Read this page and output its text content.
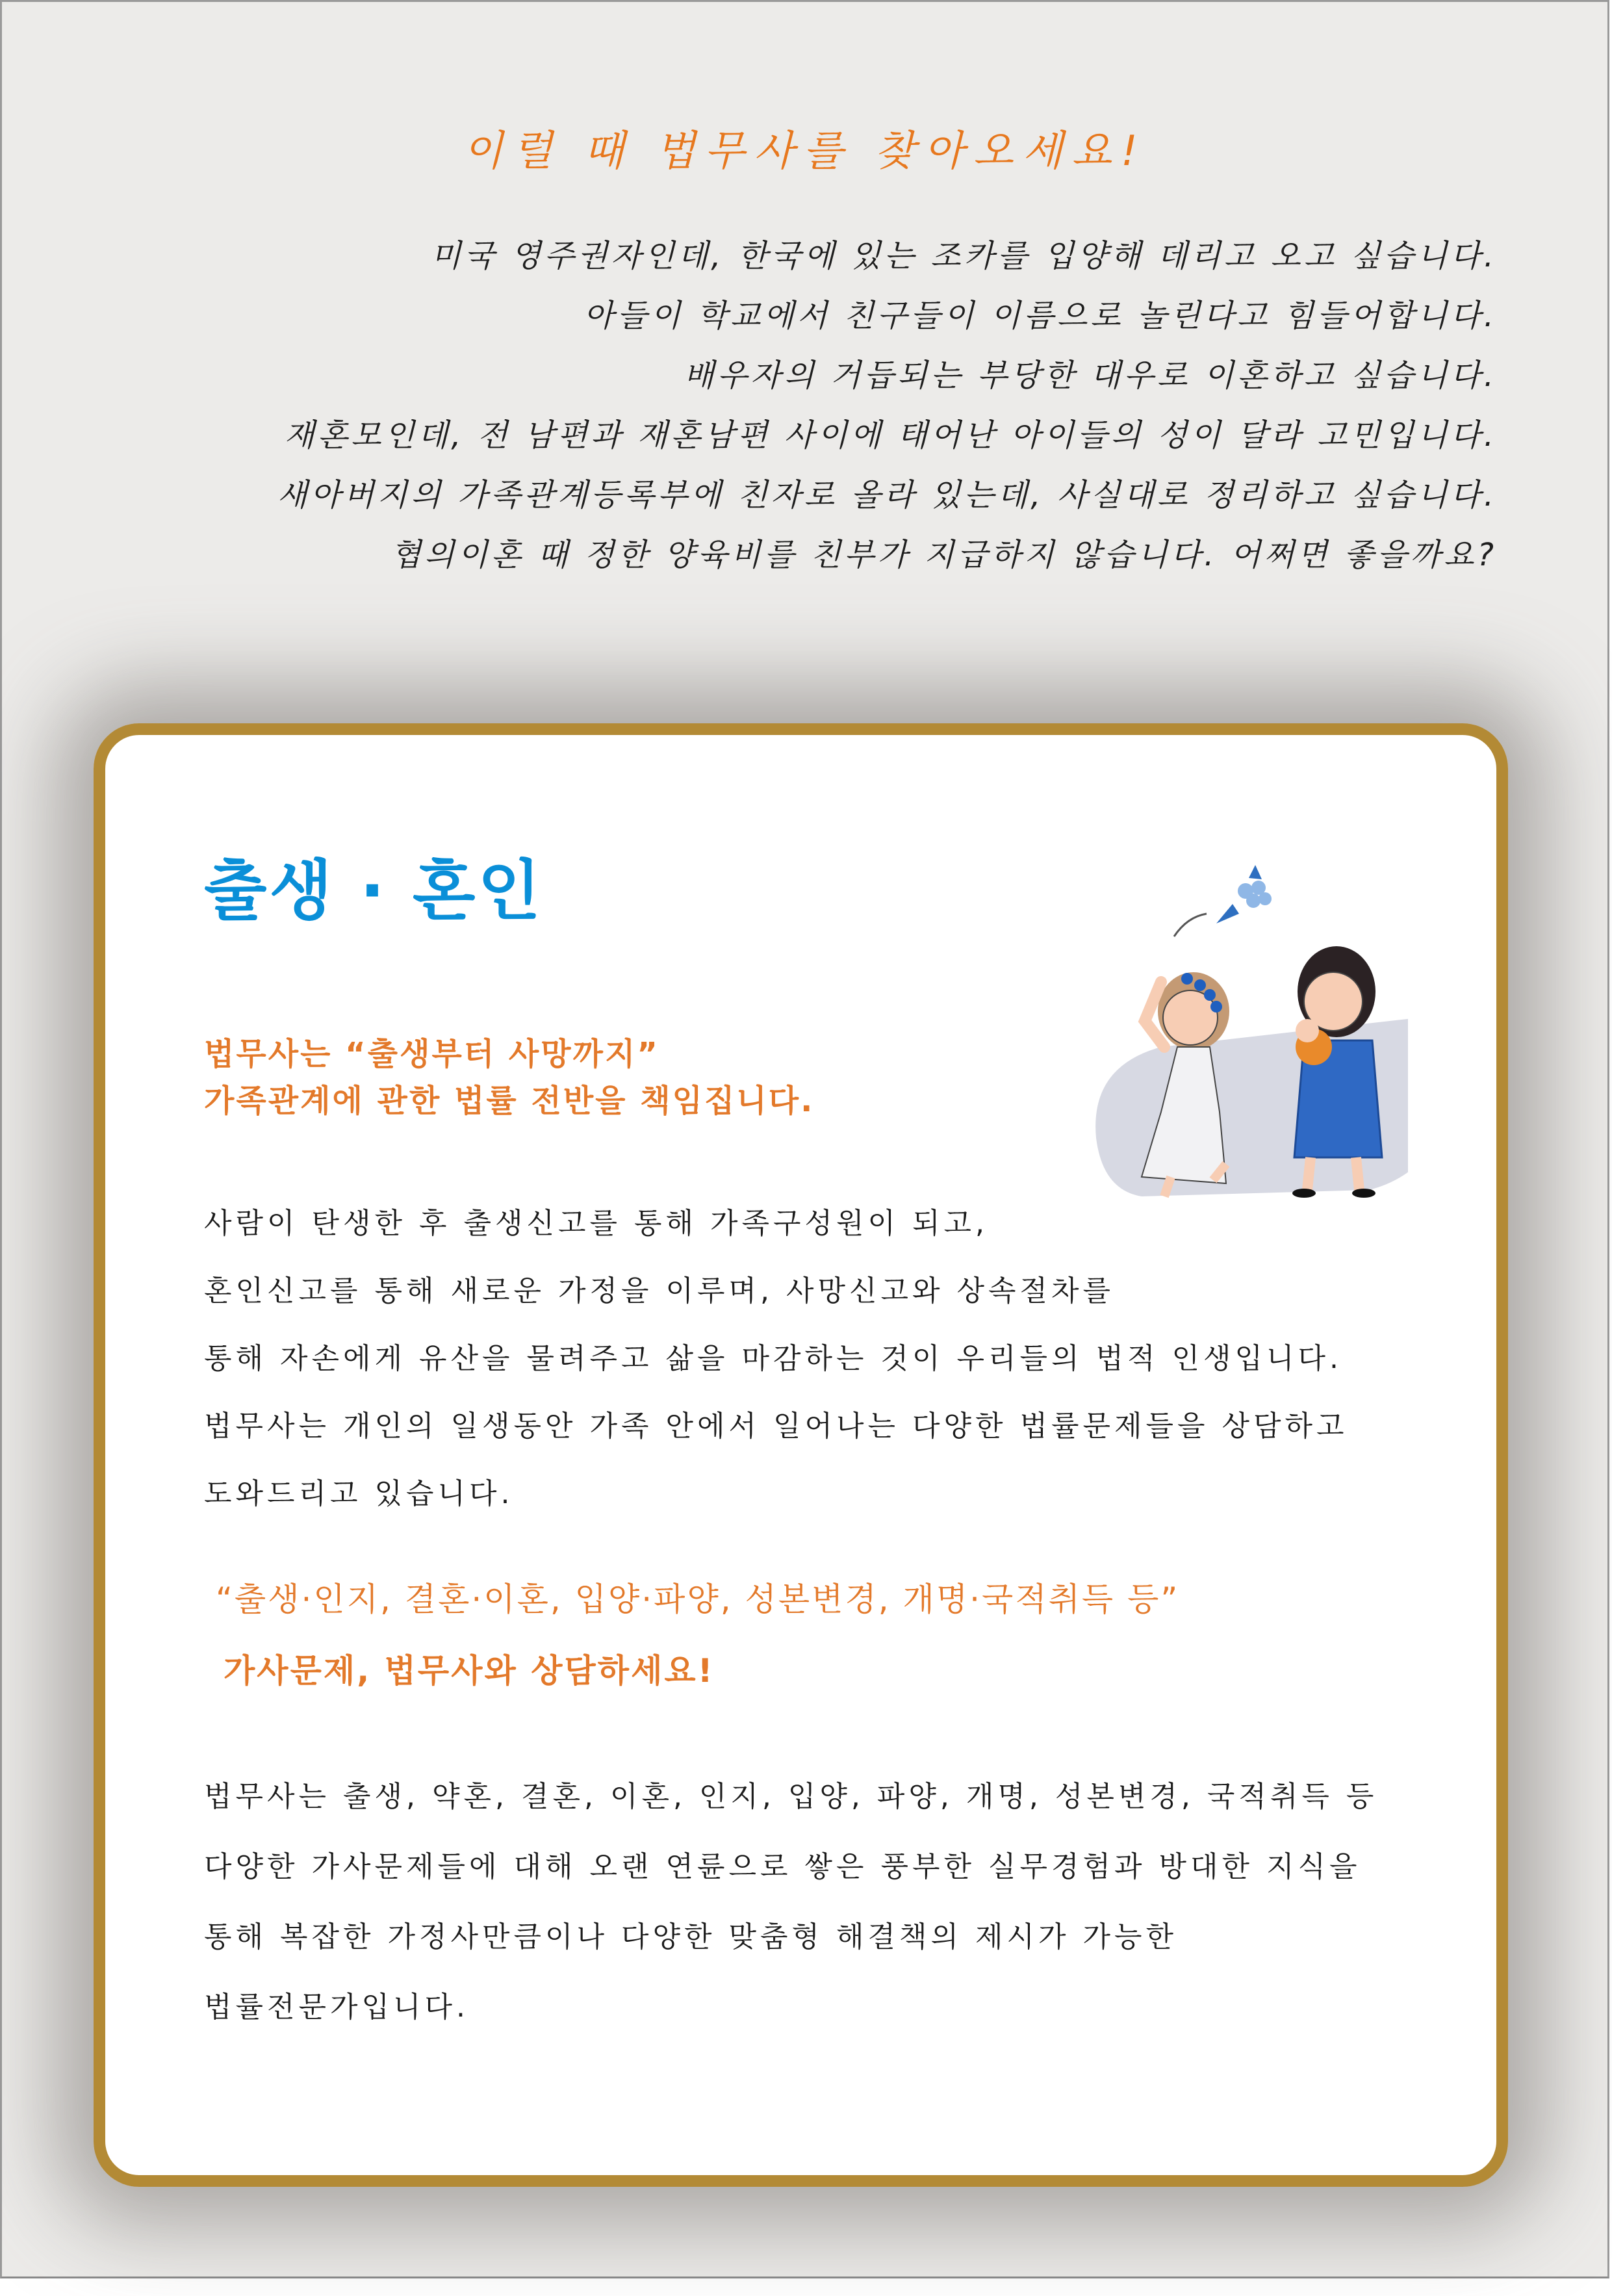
이럴 때 법무사를 찾아오세요!
미국 영주권자인데, 한국에 있는 조카를 입양해 데리고 오고 싶습니다.
아들이 학교에서 친구들이 이름으로 놀린다고 힘들어합니다.
배우자의 거듭되는 부당한 대우로 이혼하고 싶습니다.
재혼모인데, 전 남편과 재혼남편 사이에 태어난 아이들의 성이 달라 고민입니다.
새아버지의 가족관계등록부에 친자로 올라 있는데, 사실대로 정리하고 싶습니다.
협의이혼 때 정한 양육비를 친부가 지급하지 않습니다. 어쩌면 좋을까요?
출생 · 혼인
법무사는 “출생부터 사망까지”
가족관계에 관한 법률 전반을 책임집니다.
사람이 탄생한 후 출생신고를 통해 가족구성원이 되고,
혼인신고를 통해 새로운 가정을 이루며, 사망신고와 상속절차를
통해 자손에게 유산을 물려주고 삶을 마감하는 것이 우리들의 법적 인생입니다.
법무사는 개인의 일생동안 가족 안에서 일어나는 다양한 법률문제들을 상담하고
도와드리고 있습니다.
“출생·인지, 결혼·이혼, 입양·파양, 성본변경, 개명·국적취득 등”
가사문제, 법무사와 상담하세요!
법무사는 출생, 약혼, 결혼, 이혼, 인지, 입양, 파양, 개명, 성본변경, 국적취득 등
다양한 가사문제들에 대해 오랜 연륜으로 쌓은 풍부한 실무경험과 방대한 지식을
통해 복잡한 가정사만큼이나 다양한 맞춤형 해결책의 제시가 가능한
법률전문가입니다.
